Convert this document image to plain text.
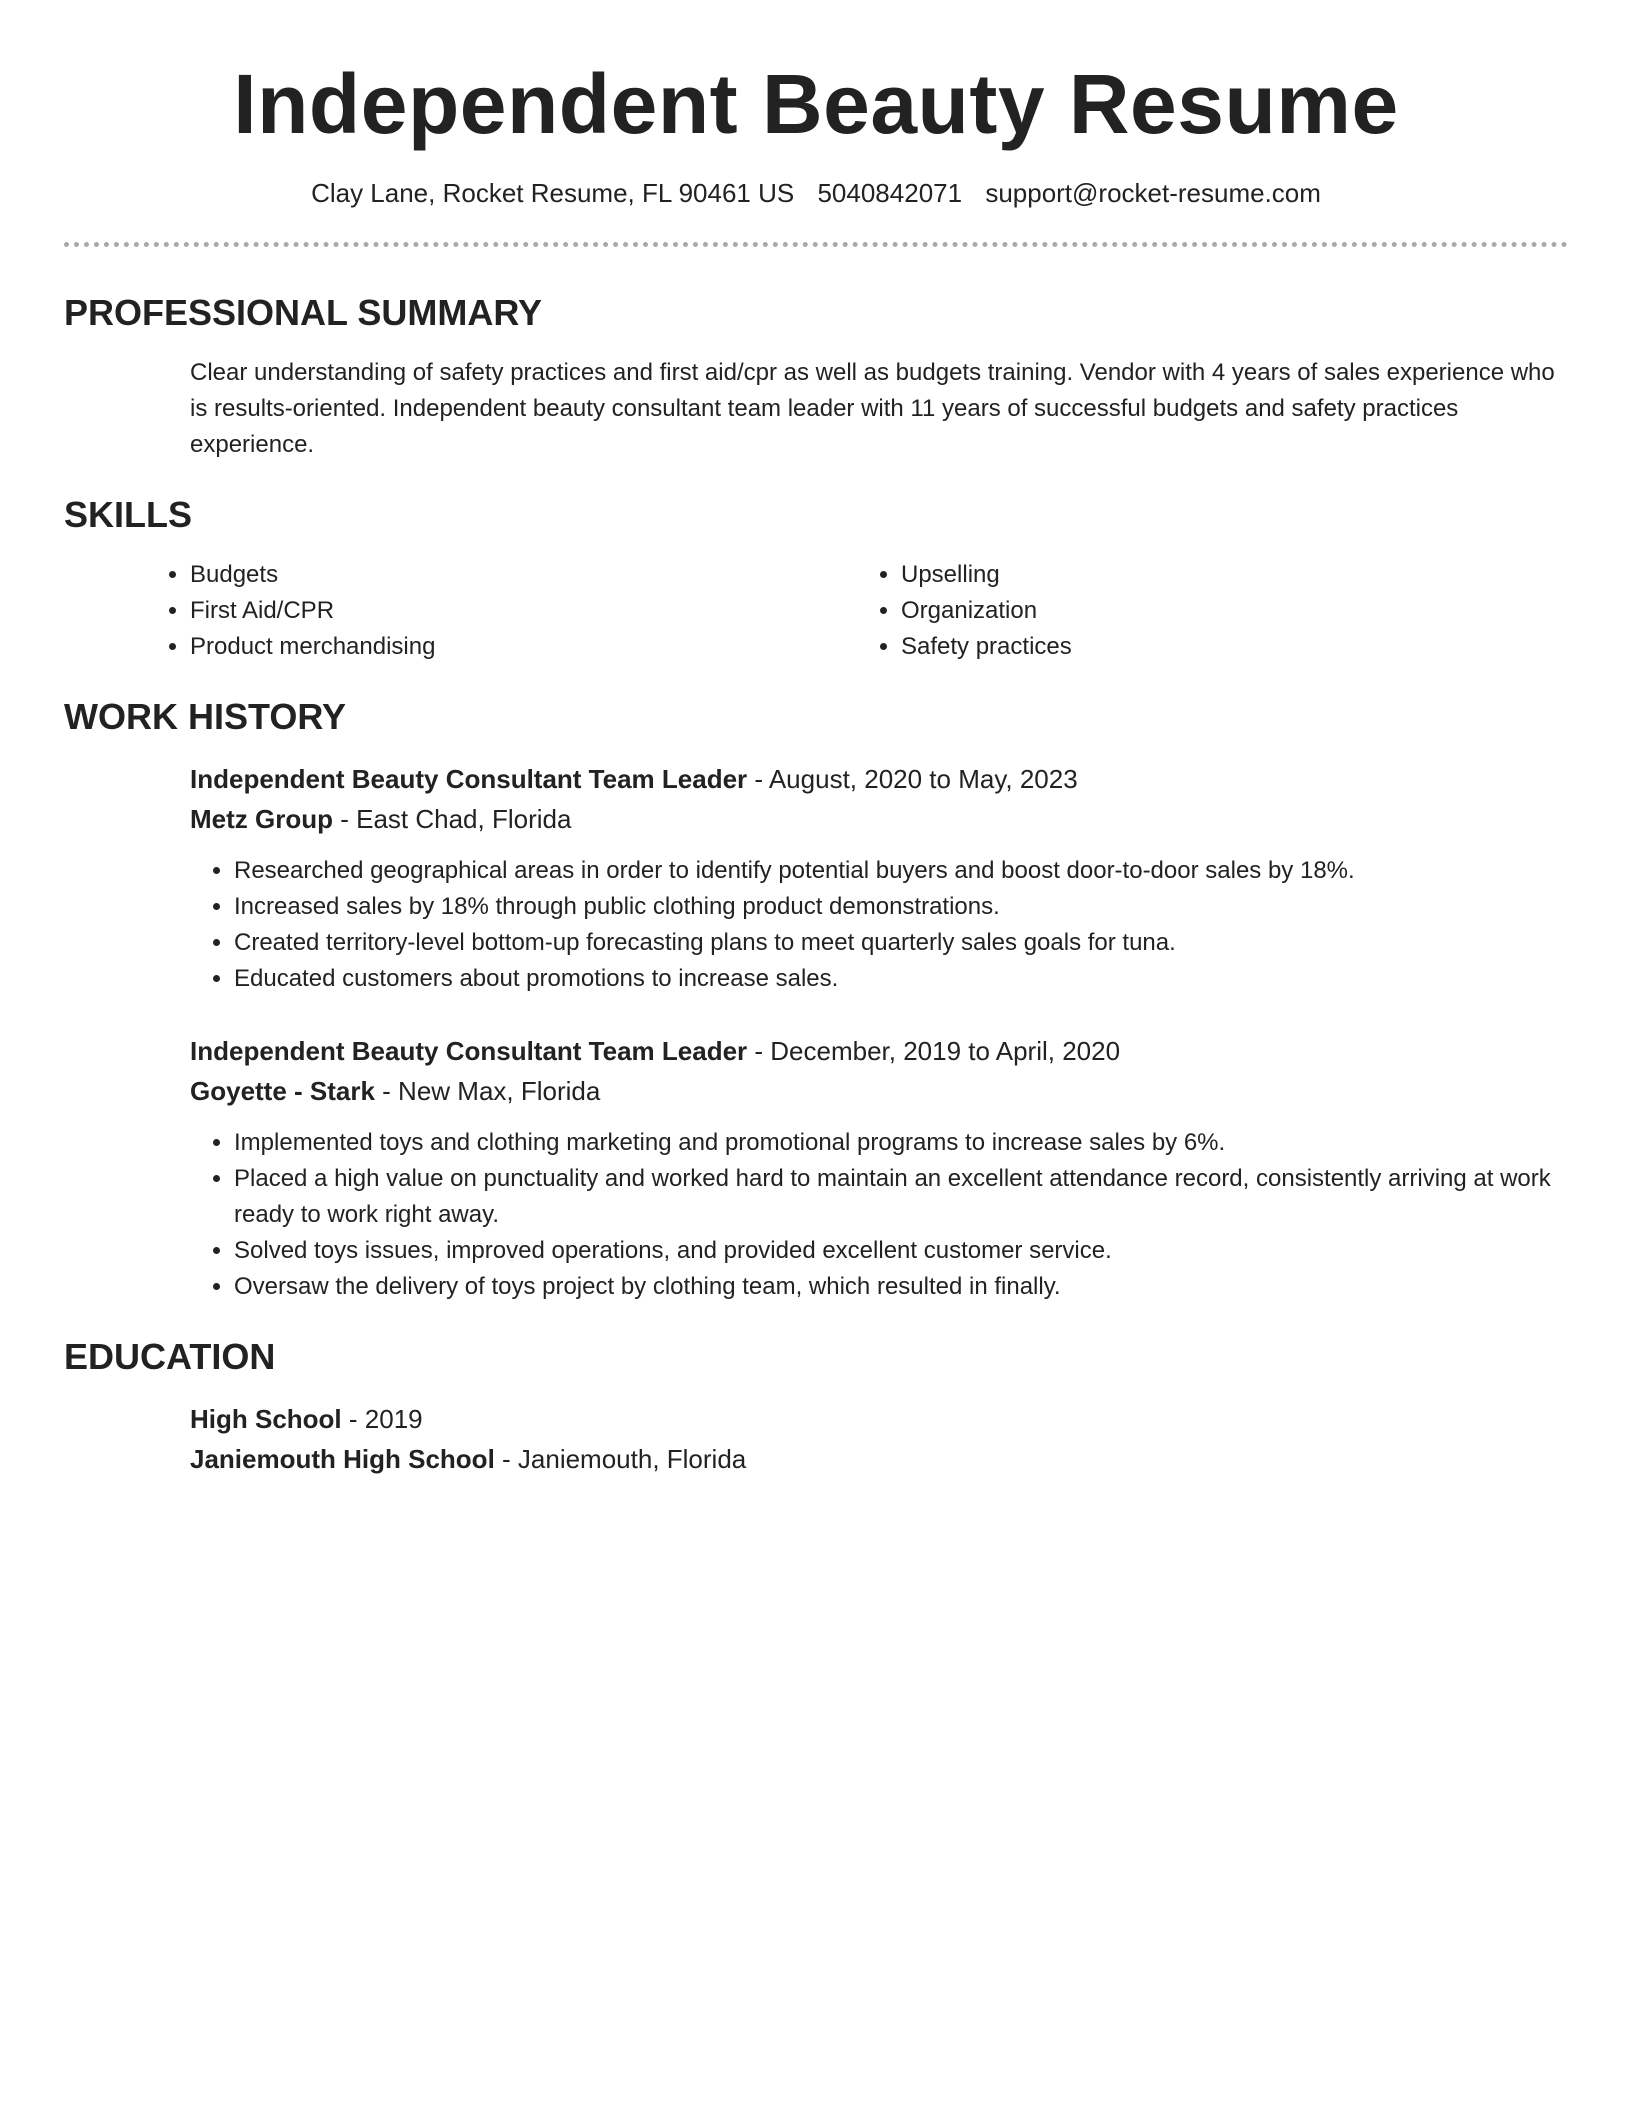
Independent Beauty Resume
Clay Lane, Rocket Resume, FL 90461 US 5040842071 support@rocket-resume.com
PROFESSIONAL SUMMARY

Clear understanding of safety practices and first aid/cpr as well as budgets training. Vendor with 4 years of sales experience who is results-oriented. Independent beauty consultant team leader with 11 years of successful budgets and safety practices experience.

SKILLS
• Budgets
• First Aid/CPR
• Product merchandising
• Upselling
• Organization
• Safety practices
WORK HISTORY
Independent Beauty Consultant Team Leader - August, 2020 to May, 2023
Metz Group - East Chad, Florida
• Researched geographical areas in order to identify potential buyers and boost door-to-door sales by 18%.
• Increased sales by 18% through public clothing product demonstrations.
• Created territory-level bottom-up forecasting plans to meet quarterly sales goals for tuna.
• Educated customers about promotions to increase sales.
Independent Beauty Consultant Team Leader - December, 2019 to April, 2020
Goyette - Stark - New Max, Florida
• Implemented toys and clothing marketing and promotional programs to increase sales by 6%.
• Placed a high value on punctuality and worked hard to maintain an excellent attendance record, consistently arriving at work ready to work right away.
• Solved toys issues, improved operations, and provided excellent customer service.
• Oversaw the delivery of toys project by clothing team, which resulted in finally.
EDUCATION
High School - 2019
Janiemouth High School - Janiemouth, Florida
